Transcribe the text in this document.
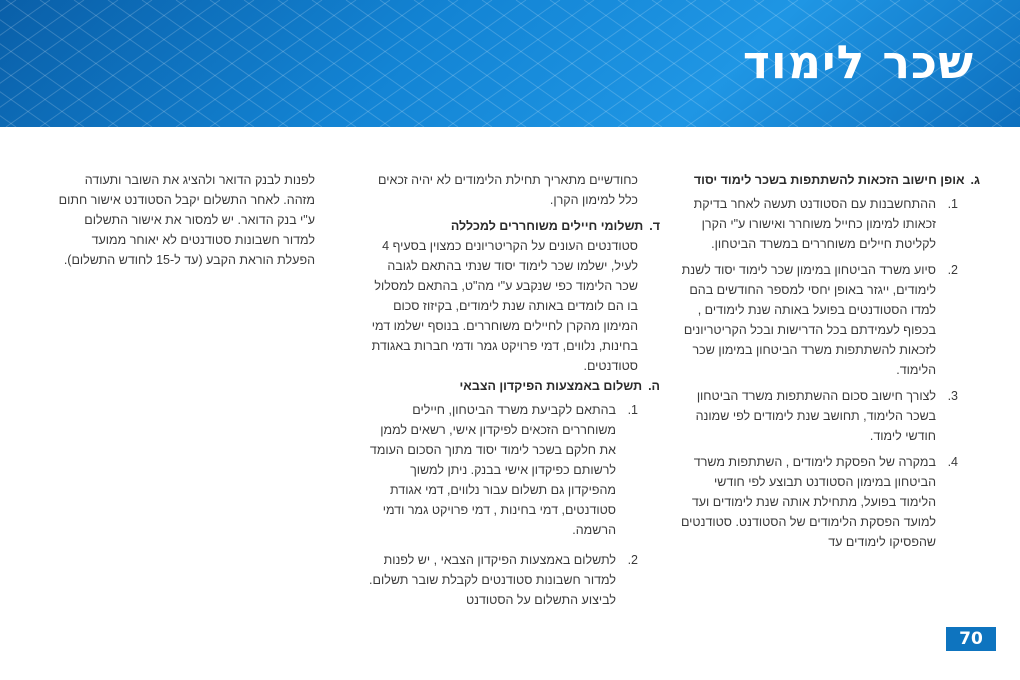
שכר לימוד
ג.
אופן חישוב הזכאות להשתתפות בשכר לימוד יסוד
1.
ההתחשבנות עם הסטודנט תעשה לאחר בדיקת זכאותו למימון כחייל משוחרר ואישורו ע"י הקרן לקליטת חיילים משוחררים במשרד הביטחון.
2.
סיוע משרד הביטחון במימון שכר לימוד יסוד לשנת לימודים, ייגזר באופן יחסי למספר החודשים בהם למדו הסטודנטים בפועל באותה שנת לימודים , בכפוף לעמידתם בכל הדרישות ובכל הקריטריונים לזכאות להשתתפות משרד הביטחון במימון שכר הלימוד.
3.
לצורך חישוב סכום ההשתתפות משרד הביטחון בשכר הלימוד, תחושב שנת לימודים לפי שמונה חודשי לימוד.
4.
במקרה של הפסקת לימודים , השתתפות משרד הביטחון במימון הסטודנט תבוצע לפי חודשי הלימוד בפועל, מתחילת אותה שנת לימודים ועד למועד הפסקת הלימודים של הסטודנט. סטודנטים שהפסיקו לימודים עד
כחודשיים מתאריך תחילת הלימודים לא יהיה זכאים כלל למימון הקרן.
ד.
תשלומי חיילים משוחררים למכללה
סטודנטים העונים על הקריטריונים כמצוין בסעיף 4 לעיל, ישלמו שכר לימוד יסוד שנתי בהתאם לגובה שכר הלימוד כפי שנקבע ע"י מה"ט, בהתאם למסלול בו הם לומדים באותה שנת לימודים, בקיזוז סכום המימון מהקרן לחיילים משוחררים. בנוסף ישלמו דמי בחינות, נלווים, דמי פרויקט גמר ודמי חברות באגודת סטודנטים.
ה.
תשלום באמצעות הפיקדון הצבאי
1.
בהתאם לקביעת משרד הביטחון, חיילים משוחררים הזכאים לפיקדון אישי, רשאים לממן את חלקם בשכר לימוד יסוד מתוך הסכום העומד לרשותם כפיקדון אישי בבנק. ניתן למשוך מהפיקדון גם תשלום עבור נלווים, דמי אגודת סטודנטים, דמי בחינות , דמי פרויקט גמר ודמי הרשמה.
2.
לתשלום באמצעות הפיקדון הצבאי , יש לפנות למדור חשבונות סטודנטים לקבלת שובר תשלום. לביצוע התשלום על הסטודנט
לפנות לבנק הדואר ולהציג את השובר ותעודה מזהה. לאחר התשלום יקבל הסטודנט אישור חתום ע"י בנק הדואר. יש למסור את אישור התשלום למדור חשבונות סטודנטים לא יאוחר ממועד הפעלת הוראת הקבע (עד ל-15 לחודש התשלום).
70
